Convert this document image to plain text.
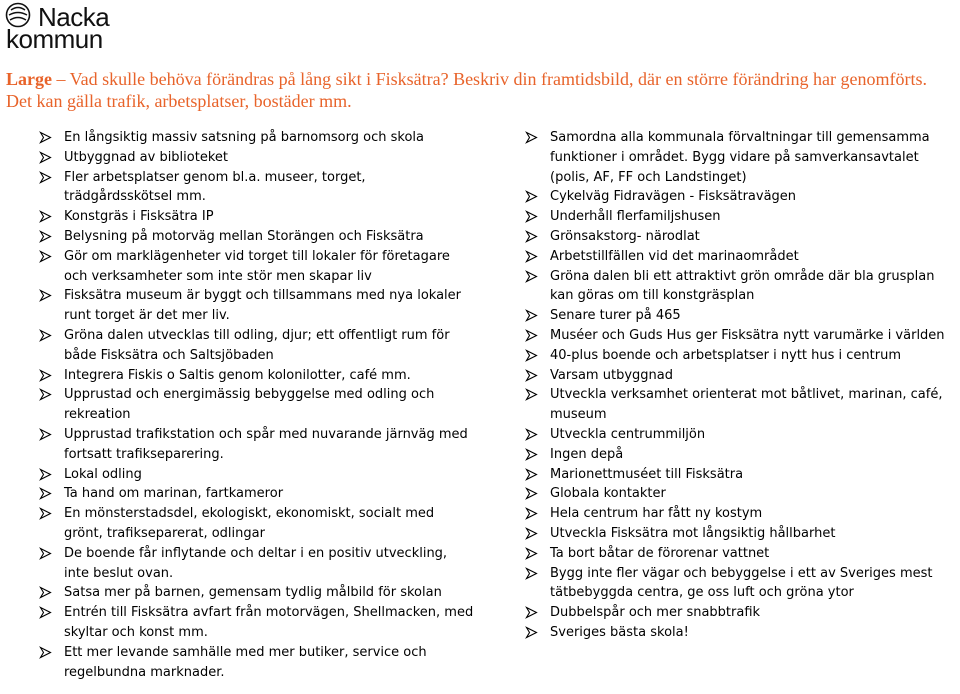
Nacka
kommun
Large – Vad skulle behöva förändras på lång sikt i Fisksätra? Beskriv din framtidsbild, där en större förändring har genomförts. Det kan gälla trafik, arbetsplatser, bostäder mm.
En långsiktig massiv satsning på barnomsorg och skola
Utbyggnad av biblioteket
Fler arbetsplatser genom bl.a. museer, torget, trädgårdsskötsel mm.
Konstgräs i Fisksätra IP
Belysning på motorväg mellan Storängen och Fisksätra
Gör om marklägenheter vid torget till lokaler för företagare och verksamheter som inte stör men skapar liv
Fisksätra museum är byggt och tillsammans med nya lokaler runt torget är det mer liv.
Gröna dalen utvecklas till odling, djur; ett offentligt rum för både Fisksätra och Saltsjöbaden
Integrera Fiskis o Saltis genom kolonilotter, café mm.
Upprustad och energimässig bebyggelse med odling och rekreation
Upprustad trafikstation och spår med nuvarande järnväg med fortsatt trafikseparering.
Lokal odling
Ta hand om marinan, fartkameror
En mönsterstadsdel, ekologiskt, ekonomiskt, socialt med grönt, trafikseparerat, odlingar
De boende får inflytande och deltar i en positiv utveckling, inte beslut ovan.
Satsa mer på barnen, gemensam tydlig målbild för skolan
Entrén till Fisksätra avfart från motorvägen, Shellmacken, med skyltar och konst mm.
Ett mer levande samhälle med mer butiker, service och regelbundna marknader.
Samordna alla kommunala förvaltningar till gemensamma funktioner i området. Bygg vidare på samverkansavtalet (polis, AF, FF och Landstinget)
Cykelväg Fidravägen - Fisksätravägen
Underhåll flerfamiljshusen
Grönsakstorg- närodlat
Arbetstillfällen vid det marinaområdet
Gröna dalen bli ett attraktivt grön område där bla grusplan kan göras om till konstgräsplan
Senare turer på 465
Muséer och Guds Hus ger Fisksätra nytt varumärke i världen
40-plus boende och arbetsplatser i nytt hus i centrum
Varsam utbyggnad
Utveckla verksamhet orienterat mot båtlivet, marinan, café, museum
Utveckla centrummiljön
Ingen depå
Marionettmuséet till Fisksätra
Globala kontakter
Hela centrum har fått ny kostym
Utveckla Fisksätra mot långsiktig hållbarhet
Ta bort båtar de förorenar vattnet
Bygg inte fler vägar och bebyggelse i ett av Sveriges mest tätbebyggda centra, ge oss luft och gröna ytor
Dubbelspår och mer snabbtrafik
Sveriges bästa skola!
